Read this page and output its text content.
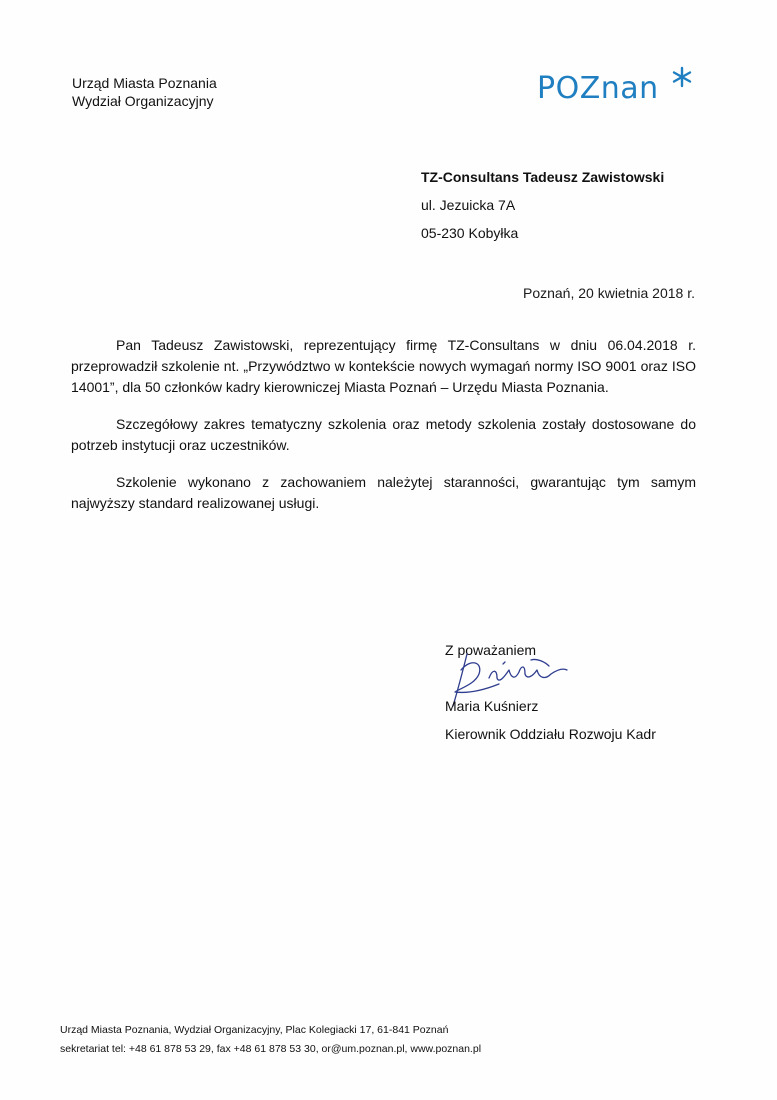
Urząd Miasta Poznania
Wydział Organizacyjny	POZnan
TZ-Consultans Tadeusz Zawistowski
ul. Jezuicka 7A
05-230 Kobyłka
Poznań, 20 kwietnia 2018 r.

Pan Tadeusz Zawistowski, reprezentujący firmę TZ-Consultans w dniu 06.04.2018 r. przeprowadził szkolenie nt. „Przywództwo w kontekście nowych wymagań normy ISO 9001 oraz ISO 14001”, dla 50 członków kadry kierowniczej Miasta Poznań – Urzędu Miasta Poznania.

Szczegółowy zakres tematyczny szkolenia oraz metody szkolenia zostały dostosowane do potrzeb instytucji oraz uczestników.

Szkolenie wykonano z zachowaniem należytej staranności, gwarantując tym samym najwyższy standard realizowanej usługi.

Z poważaniem
Maria Kuśnierz
Kierownik Oddziału Rozwoju Kadr
Urząd Miasta Poznania, Wydział Organizacyjny, Plac Kolegiacki 17, 61-841 Poznań
sekretariat tel: +48 61 878 53 29, fax +48 61 878 53 30, or@um.poznan.pl, www.poznan.pl
